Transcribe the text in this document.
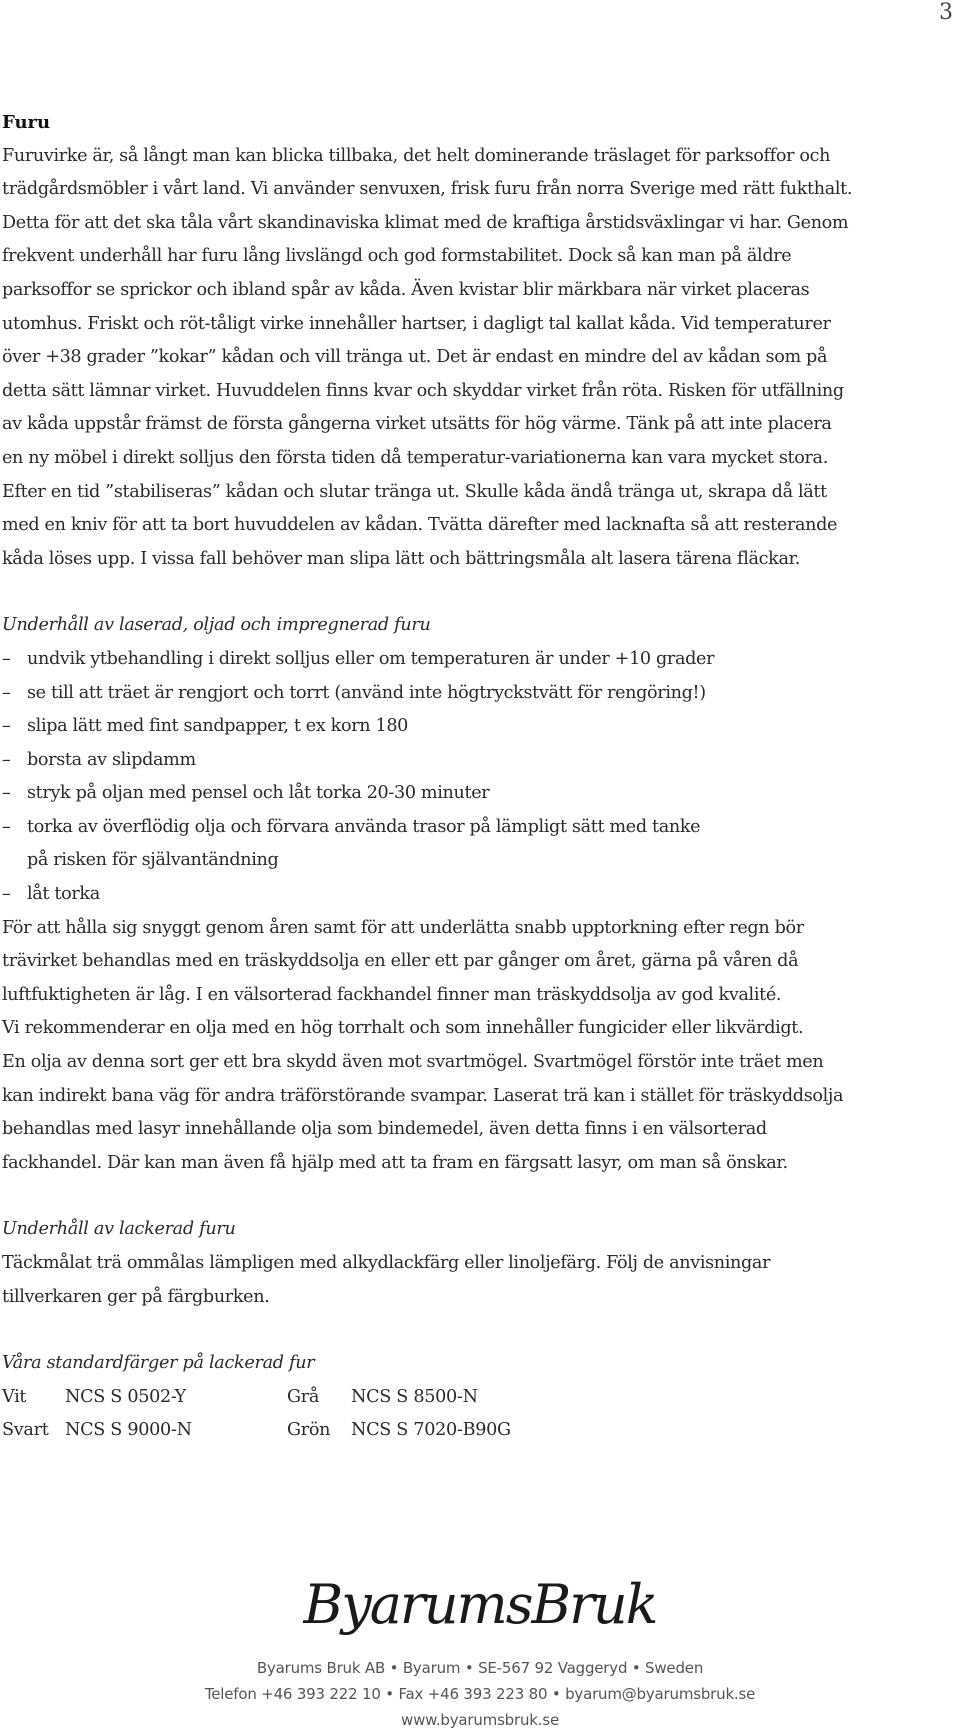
3
Furu
Furuvirke är, så långt man kan blicka tillbaka, det helt dominerande träslaget för parksoffor och
trädgårdsmöbler i vårt land. Vi använder senvuxen, frisk furu från norra Sverige med rätt fukthalt.
Detta för att det ska tåla vårt skandinaviska klimat med de kraftiga årstidsväxlingar vi har. Genom
frekvent underhåll har furu lång livslängd och god formstabilitet. Dock så kan man på äldre
parksoffor se sprickor och ibland spår av kåda. Även kvistar blir märkbara när virket placeras
utomhus. Friskt och röt-tåligt virke innehåller hartser, i dagligt tal kallat kåda. Vid temperaturer
över +38 grader ”kokar” kådan och vill tränga ut. Det är endast en mindre del av kådan som på
detta sätt lämnar virket. Huvuddelen finns kvar och skyddar virket från röta. Risken för utfällning
av kåda uppstår främst de första gångerna virket utsätts för hög värme. Tänk på att inte placera
en ny möbel i direkt solljus den första tiden då temperatur-variationerna kan vara mycket stora.
Efter en tid ”stabiliseras” kådan och slutar tränga ut. Skulle kåda ändå tränga ut, skrapa då lätt
med en kniv för att ta bort huvuddelen av kådan. Tvätta därefter med lacknafta så att resterande
kåda löses upp. I vissa fall behöver man slipa lätt och bättringsmåla alt lasera tärena fläckar.
Underhåll av laserad, oljad och impregnerad furu
– undvik ytbehandling i direkt solljus eller om temperaturen är under +10 grader
– se till att träet är rengjort och torrt (använd inte högtryckstvätt för rengöring!)
– slipa lätt med fint sandpapper, t ex korn 180
– borsta av slipdamm
– stryk på oljan med pensel och låt torka 20-30 minuter
– torka av överflödig olja och förvara använda trasor på lämpligt sätt med tanke
på risken för självantändning
– låt torka
För att hålla sig snyggt genom åren samt för att underlätta snabb upptorkning efter regn bör
trävirket behandlas med en träskyddsolja en eller ett par gånger om året, gärna på våren då
luftfuktigheten är låg. I en välsorterad fackhandel finner man träskyddsolja av god kvalité.
Vi rekommenderar en olja med en hög torrhalt och som innehåller fungicider eller likvärdigt.
En olja av denna sort ger ett bra skydd även mot svartmögel. Svartmögel förstör inte träet men
kan indirekt bana väg för andra träförstörande svampar. Laserat trä kan i stället för träskyddsolja
behandlas med lasyr innehållande olja som bindemedel, även detta finns i en välsorterad
fackhandel. Där kan man även få hjälp med att ta fram en färgsatt lasyr, om man så önskar.
Underhåll av lackerad furu
Täckmålat trä ommålas lämpligen med alkydlackfärg eller linoljefärg. Följ de anvisningar
tillverkaren ger på färgburken.
Våra standardfärger på lackerad fur
Vit	NCS S 0502-Y	Grå	NCS S 8500-N
Svart	NCS S 9000-N	Grön	NCS S 7020-B90G
ByarumsBruk
Byarums Bruk AB • Byarum • SE-567 92 Vaggeryd • Sweden
Telefon +46 393 222 10 • Fax +46 393 223 80 • byarum@byarumsbruk.se
www.byarumsbruk.se
